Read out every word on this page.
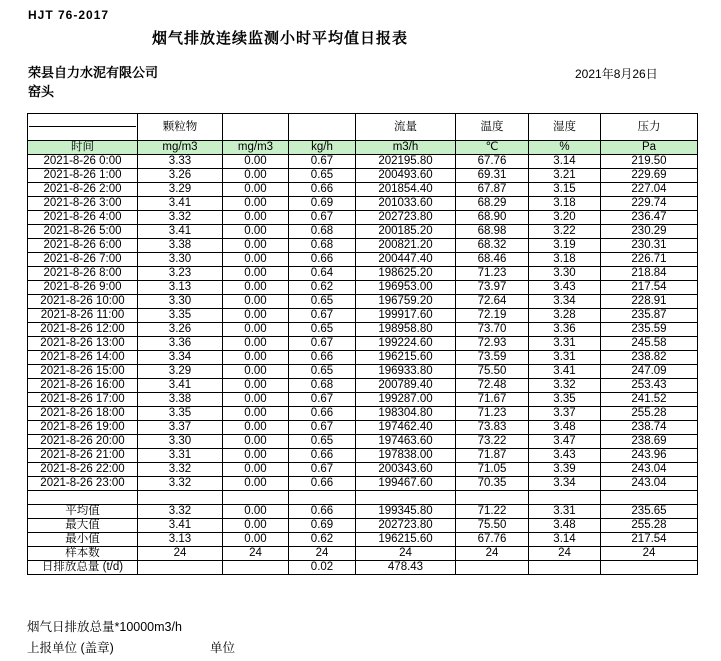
HJT 76-2017
烟气排放连续监测小时平均值日报表
荣县自力水泥有限公司	2021年8月26日
窑头
	颗粒物			流量	温度	湿度	压力
时间	mg/m3	mg/m3	kg/h	m3/h	℃	%	Pa
2021-8-26 0:00	3.33	0.00	0.67	202195.80	67.76	3.14	219.50
2021-8-26 1:00	3.26	0.00	0.65	200493.60	69.31	3.21	229.69
2021-8-26 2:00	3.29	0.00	0.66	201854.40	67.87	3.15	227.04
2021-8-26 3:00	3.41	0.00	0.69	201033.60	68.29	3.18	229.74
2021-8-26 4:00	3.32	0.00	0.67	202723.80	68.90	3.20	236.47
2021-8-26 5:00	3.41	0.00	0.68	200185.20	68.98	3.22	230.29
2021-8-26 6:00	3.38	0.00	0.68	200821.20	68.32	3.19	230.31
2021-8-26 7:00	3.30	0.00	0.66	200447.40	68.46	3.18	226.71
2021-8-26 8:00	3.23	0.00	0.64	198625.20	71.23	3.30	218.84
2021-8-26 9:00	3.13	0.00	0.62	196953.00	73.97	3.43	217.54
2021-8-26 10:00	3.30	0.00	0.65	196759.20	72.64	3.34	228.91
2021-8-26 11:00	3.35	0.00	0.67	199917.60	72.19	3.28	235.87
2021-8-26 12:00	3.26	0.00	0.65	198958.80	73.70	3.36	235.59
2021-8-26 13:00	3.36	0.00	0.67	199224.60	72.93	3.31	245.58
2021-8-26 14:00	3.34	0.00	0.66	196215.60	73.59	3.31	238.82
2021-8-26 15:00	3.29	0.00	0.65	196933.80	75.50	3.41	247.09
2021-8-26 16:00	3.41	0.00	0.68	200789.40	72.48	3.32	253.43
2021-8-26 17:00	3.38	0.00	0.67	199287.00	71.67	3.35	241.52
2021-8-26 18:00	3.35	0.00	0.66	198304.80	71.23	3.37	255.28
2021-8-26 19:00	3.37	0.00	0.67	197462.40	73.83	3.48	238.74
2021-8-26 20:00	3.30	0.00	0.65	197463.60	73.22	3.47	238.69
2021-8-26 21:00	3.31	0.00	0.66	197838.00	71.87	3.43	243.96
2021-8-26 22:00	3.32	0.00	0.67	200343.60	71.05	3.39	243.04
2021-8-26 23:00	3.32	0.00	0.66	199467.60	70.35	3.34	243.04

平均值	3.32	0.00	0.66	199345.80	71.22	3.31	235.65
最大值	3.41	0.00	0.69	202723.80	75.50	3.48	255.28
最小值	3.13	0.00	0.62	196215.60	67.76	3.14	217.54
样本数	24	24	24	24	24	24	24
日排放总量 (t/d)			0.02	478.43			
烟气日排放总量*10000m3/h
上报单位 (盖章)	单位
